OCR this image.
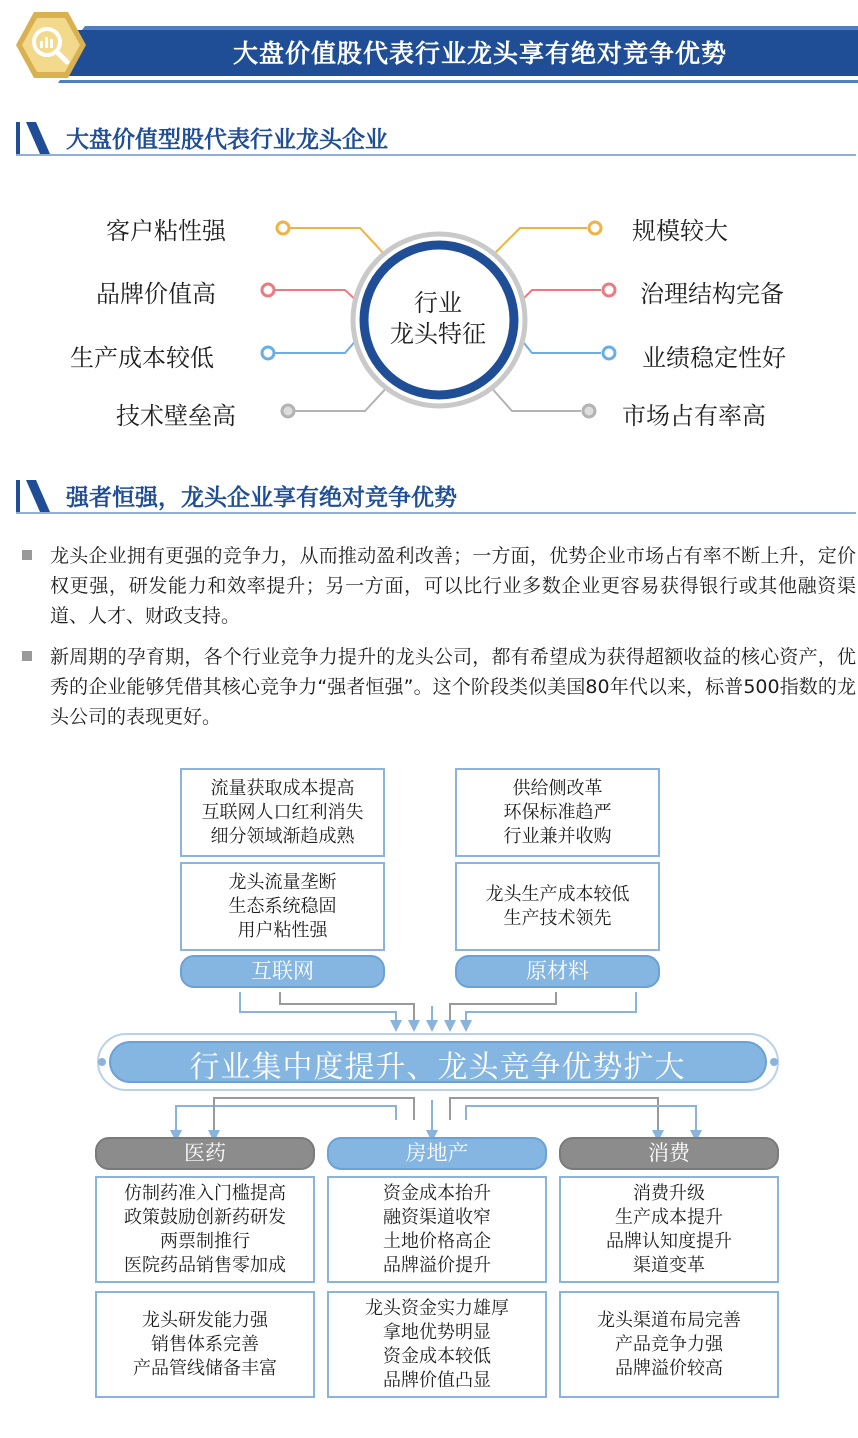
大盘价值股代表行业龙头享有绝对竞争优势
大盘价值型股代表行业龙头企业
行业
龙头特征
客户粘性强
品牌价值高
生产成本较低
技术壁垒高
规模较大
治理结构完备
业绩稳定性好
市场占有率高
强者恒强，龙头企业享有绝对竞争优势
龙头企业拥有更强的竞争力，从而推动盈利改善；一方面，优势企业市场占有率不断上升，定价权更强，研发能力和效率提升；另一方面，可以比行业多数企业更容易获得银行或其他融资渠道、人才、财政支持。
新周期的孕育期，各个行业竞争力提升的龙头公司，都有希望成为获得超额收益的核心资产，优秀的企业能够凭借其核心竞争力“强者恒强”。这个阶段类似美国80年代以来，标普500指数的龙头公司的表现更好。
行业集中度提升、龙头竞争优势扩大
流量获取成本提高
互联网人口红利消失
细分领域渐趋成熟
龙头流量垄断
生态系统稳固
用户粘性强
互联网
供给侧改革
环保标准趋严
行业兼并收购
龙头生产成本较低
生产技术领先
原材料
医药
仿制药准入门槛提高
政策鼓励创新药研发
两票制推行
医院药品销售零加成
龙头研发能力强
销售体系完善
产品管线储备丰富
房地产
资金成本抬升
融资渠道收窄
土地价格高企
品牌溢价提升
龙头资金实力雄厚
拿地优势明显
资金成本较低
品牌价值凸显
消费
消费升级
生产成本提升
品牌认知度提升
渠道变革
龙头渠道布局完善
产品竞争力强
品牌溢价较高
